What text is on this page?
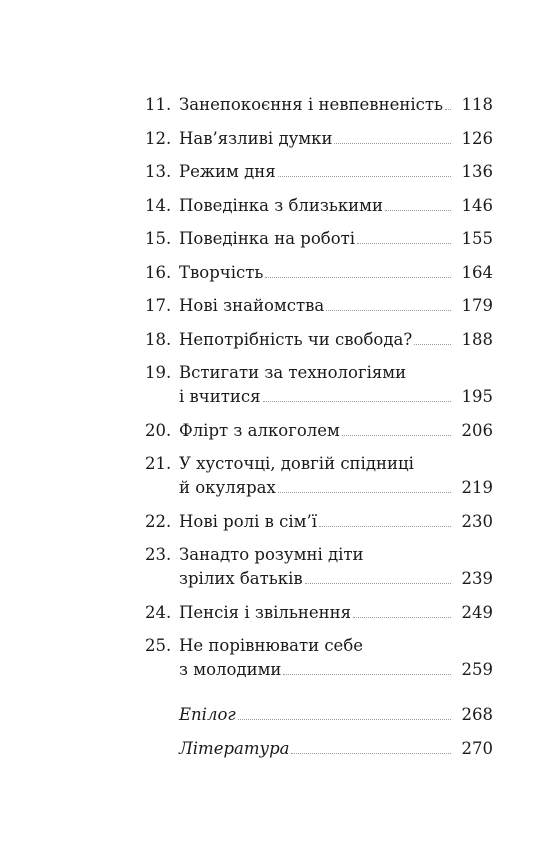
11. Занепокоєння і невпевненість 118
12. Нав’язливі думки	126
13. Режим дня	136
14. Поведінка з близькими	146
15. Поведінка на роботі	155
16. Творчість	164
17. Нові знайомства	179
18. Непотрібність чи свобода?	188
19. Встигати за технологіями
і вчитися	195
20. Флірт з алкоголем	206
21. У хусточці, довгій спідниці
й окулярах	219
22. Нові ролі в сім’ї	230
23. Занадто розумні діти
зрілих батьків	239
24. Пенсія і звільнення	249
25. Не порівнювати себе
з молодими	259
Епілог	268
Література	270
